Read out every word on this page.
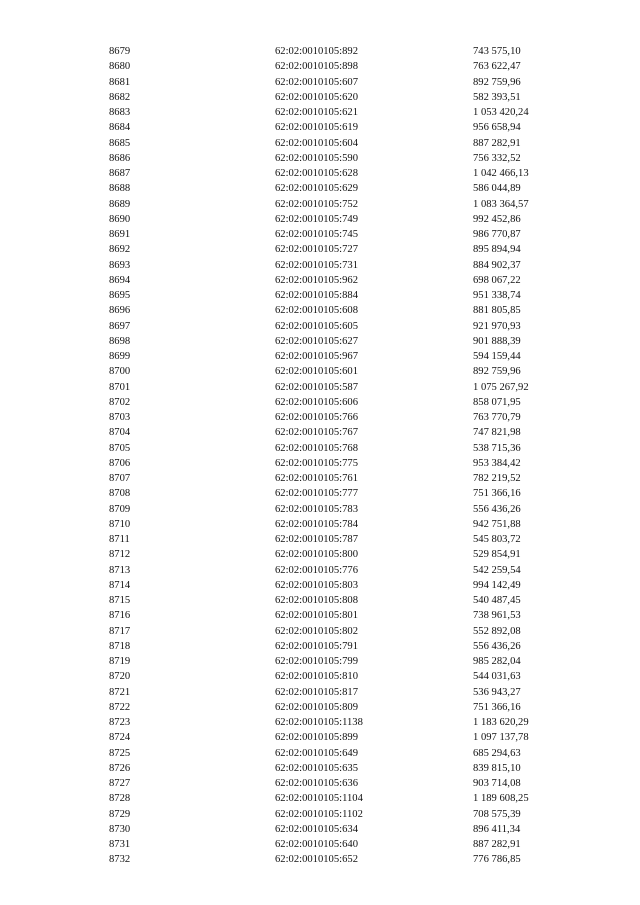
8679	62:02:0010105:892	743 575,10
8680	62:02:0010105:898	763 622,47
8681	62:02:0010105:607	892 759,96
8682	62:02:0010105:620	582 393,51
8683	62:02:0010105:621	1 053 420,24
8684	62:02:0010105:619	956 658,94
8685	62:02:0010105:604	887 282,91
8686	62:02:0010105:590	756 332,52
8687	62:02:0010105:628	1 042 466,13
8688	62:02:0010105:629	586 044,89
8689	62:02:0010105:752	1 083 364,57
8690	62:02:0010105:749	992 452,86
8691	62:02:0010105:745	986 770,87
8692	62:02:0010105:727	895 894,94
8693	62:02:0010105:731	884 902,37
8694	62:02:0010105:962	698 067,22
8695	62:02:0010105:884	951 338,74
8696	62:02:0010105:608	881 805,85
8697	62:02:0010105:605	921 970,93
8698	62:02:0010105:627	901 888,39
8699	62:02:0010105:967	594 159,44
8700	62:02:0010105:601	892 759,96
8701	62:02:0010105:587	1 075 267,92
8702	62:02:0010105:606	858 071,95
8703	62:02:0010105:766	763 770,79
8704	62:02:0010105:767	747 821,98
8705	62:02:0010105:768	538 715,36
8706	62:02:0010105:775	953 384,42
8707	62:02:0010105:761	782 219,52
8708	62:02:0010105:777	751 366,16
8709	62:02:0010105:783	556 436,26
8710	62:02:0010105:784	942 751,88
8711	62:02:0010105:787	545 803,72
8712	62:02:0010105:800	529 854,91
8713	62:02:0010105:776	542 259,54
8714	62:02:0010105:803	994 142,49
8715	62:02:0010105:808	540 487,45
8716	62:02:0010105:801	738 961,53
8717	62:02:0010105:802	552 892,08
8718	62:02:0010105:791	556 436,26
8719	62:02:0010105:799	985 282,04
8720	62:02:0010105:810	544 031,63
8721	62:02:0010105:817	536 943,27
8722	62:02:0010105:809	751 366,16
8723	62:02:0010105:1138	1 183 620,29
8724	62:02:0010105:899	1 097 137,78
8725	62:02:0010105:649	685 294,63
8726	62:02:0010105:635	839 815,10
8727	62:02:0010105:636	903 714,08
8728	62:02:0010105:1104	1 189 608,25
8729	62:02:0010105:1102	708 575,39
8730	62:02:0010105:634	896 411,34
8731	62:02:0010105:640	887 282,91
8732	62:02:0010105:652	776 786,85
